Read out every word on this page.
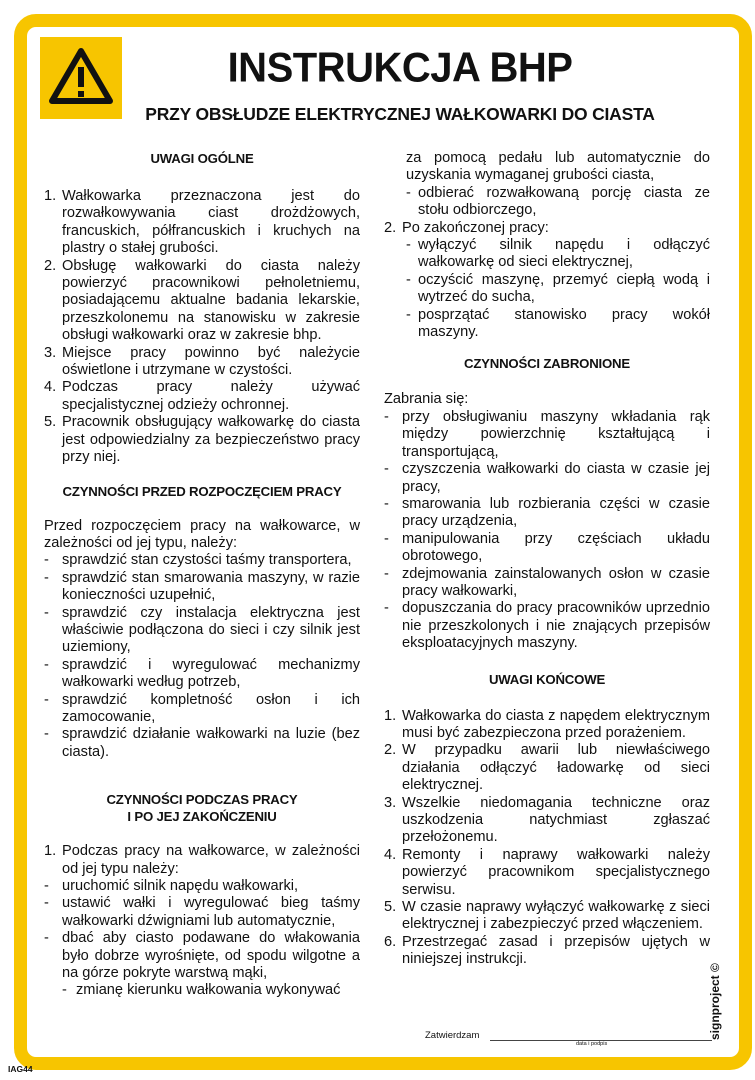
INSTRUKCJA BHP
PRZY OBSŁUDZE ELEKTRYCZNEJ WAŁKOWARKI DO CIASTA
UWAGI OGÓLNE
1. Wałkowarka przeznaczona jest do rozwałkowywania ciast drożdżowych, francuskich, półfrancuskich i kruchych na plastry o stałej grubości.
2. Obsługę wałkowarki do ciasta należy powierzyć pracownikowi pełnoletniemu, posiadającemu aktualne badania lekarskie, przeszkolonemu na stanowisku w zakresie obsługi wałkowarki oraz w zakresie bhp.
3. Miejsce pracy powinno być należycie oświetlone i utrzymane w czystości.
4. Podczas pracy należy używać specjalistycznej odzieży ochronnej.
5. Pracownik obsługujący wałkowarkę do ciasta jest odpowiedzialny za bezpieczeństwo pracy przy niej.
CZYNNOŚCI PRZED ROZPOCZĘCIEM PRACY

Przed rozpoczęciem pracy na wałkowarce, w zależności od jej typu, należy:

- sprawdzić stan czystości taśmy transportera,
- sprawdzić stan smarowania maszyny, w razie konieczności uzupełnić,
- sprawdzić czy instalacja elektryczna jest właściwie podłączona do sieci i czy silnik jest uziemiony,
- sprawdzić i wyregulować mechanizmy wałkowarki według potrzeb,
- sprawdzić kompletność osłon i ich zamocowanie,
- sprawdzić działanie wałkowarki na luzie (bez ciasta).
CZYNNOŚCI PODCZAS PRACY
I PO JEJ ZAKOŃCZENIU
1. Podczas pracy na wałkowarce, w zależności od jej typu należy:
- uruchomić silnik napędu wałkowarki,
- ustawić wałki i wyregulować bieg taśmy wałkowarki dźwigniami lub automatycznie,
- dbać aby ciasto podawane do włakowania było dobrze wyrośnięte, od spodu wilgotne a na górze pokryte warstwą mąki,
- zmianę kierunku wałkowania wykonywać

za pomocą pedału lub automatycznie do uzyskania wymaganej grubości ciasta,

- odbierać rozwałkowaną porcję ciasta ze stołu odbiorczego,
2. Po zakończonej pracy:
- wyłączyć silnik napędu i odłączyć wałkowarkę od sieci elektrycznej,
- oczyścić maszynę, przemyć ciepłą wodą i wytrzeć do sucha,
- posprzątać stanowisko pracy wokół maszyny.
CZYNNOŚCI ZABRONIONE

Zabrania się:

- przy obsługiwaniu maszyny wkładania rąk między powierzchnię kształtującą i transportującą,
- czyszczenia wałkowarki do ciasta w czasie jej pracy,
- smarowania lub rozbierania części w czasie pracy urządzenia,
- manipulowania przy częściach układu obrotowego,
- zdejmowania zainstalowanych osłon w czasie pracy wałkowarki,
- dopuszczania do pracy pracowników uprzednio nie przeszkolonych i nie znających przepisów eksploatacyjnych maszyny.
UWAGI KOŃCOWE
1. Wałkowarka do ciasta z napędem elektrycznym musi być zabezpieczona przed porażeniem.
2. W przypadku awarii lub niewłaściwego działania odłączyć ładowarkę od sieci elektrycznej.
3. Wszelkie niedomagania techniczne oraz uszkodzenia natychmiast zgłaszać przełożonemu.
4. Remonty i naprawy wałkowarki należy powierzyć pracownikom specjalistycznego serwisu.
5. W czasie naprawy wyłączyć wałkowarkę z sieci elektrycznej i zabezpieczyć przed włączeniem.
6. Przestrzegać zasad i przepisów ujętych w niniejszej instrukcji.
Zatwierdzam
data i podpis
IAG44
signproject ©
